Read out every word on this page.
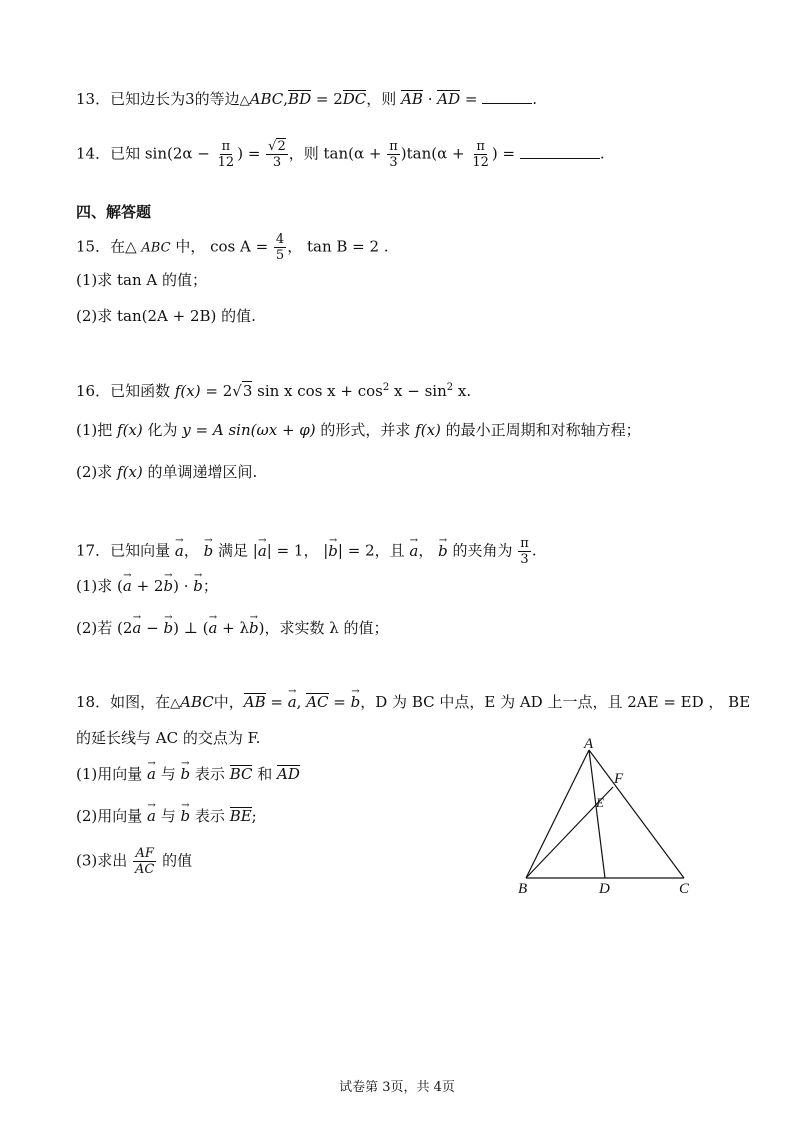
13．已知边长为3的等边△ABC,BD = 2DC，则 AB · AD =	.
14．已知 $\sin(2\alpha - \frac{\pi}{12}$ ) = $\frac{√2}{3}$ ，则 $\tan(\alpha + \frac{\pi}{3} )\tan(\alpha + \frac{\pi}{12}$ ) =	.
四、解答题
15．在△ ABC 中， $\cos A = \frac{4}{5}$ ， tan B = 2 .
(1)求 tan A 的值；
(2)求 tan(2A + 2B) 的值.
16．已知函数 f(x) = 2√3 sin x $\cos x + \cos^2 x - \sin^2 x$.
(1)把 f(x) 化为 y = A sin(ωx + φ) 的形式，并求 f(x) 的最小正周期和对称轴方程；
(2)求 f(x) 的单调递增区间.
17．已知向量 → a， → b 满足 |→ a| = 1， |→ b| = 2，且 → a， → b 的夹角为 $\frac{\pi}{3}$ .
(1)求 (→ a + 2→ b) · → b；
(2)若 (2→ a − → b) ⊥ (→ a + λ→ b)，求实数 λ 的值；
18．如图，在△ABC中，AB = → a, AC = → b，D 为 BC 中点，E 为 AD 上一点，且 2AE = ED ， BE
的延长线与 AC 的交点为 F.
(1)用向量 → a 与 → b 表示 BC 和 AD
(2)用向量 → a 与 → b 表示 BE;
(3)求出 $\frac{AF}{AC}$ 的值
A
B	C
D
E
F
试卷第 3页，共 4页
